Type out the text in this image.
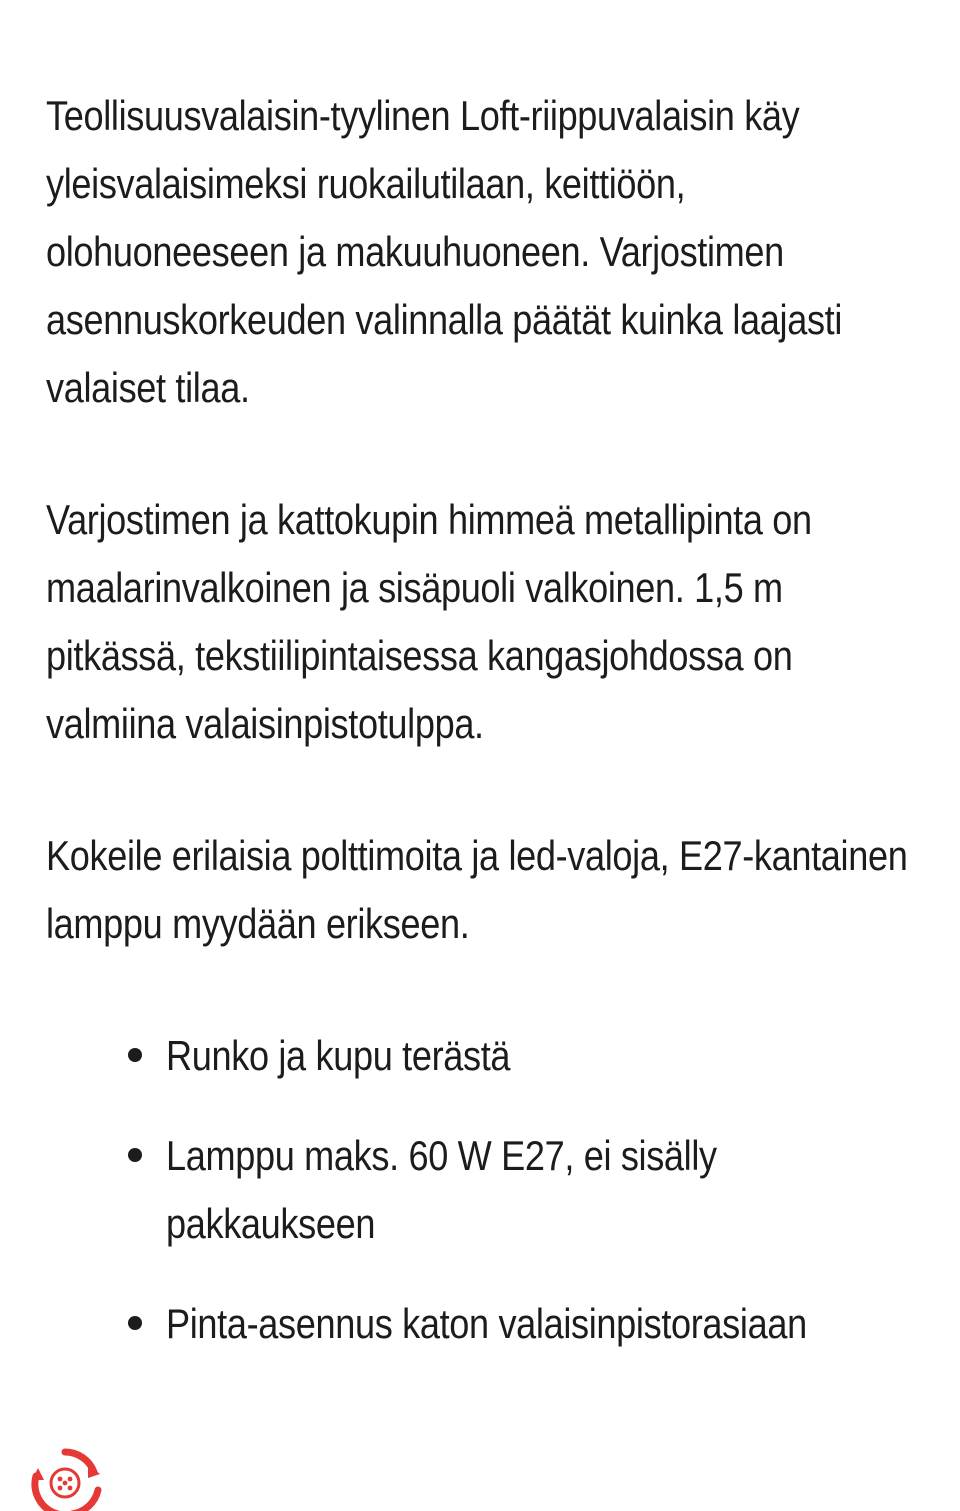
Teollisuusvalaisin-tyylinen Loft-riippuvalaisin käy yleisvalaisimeksi ruokailutilaan, keittiöön, olohuoneeseen ja makuuhuoneen. Varjostimen asennuskorkeuden valinnalla päätät kuinka laajasti valaiset tilaa.

Varjostimen ja kattokupin himmeä metallipinta on maalarinvalkoinen ja sisäpuoli valkoinen. 1,5 m pitkässä, tekstiilipintaisessa kangasjohdossa on valmiina valaisinpistotulppa.

Kokeile erilaisia polttimoita ja led-valoja, E27-kantainen lamppu myydään erikseen.

Runko ja kupu terästä
Lamppu maks. 60 W E27, ei sisälly pakkaukseen
Pinta-asennus katon valaisinpistorasiaan
